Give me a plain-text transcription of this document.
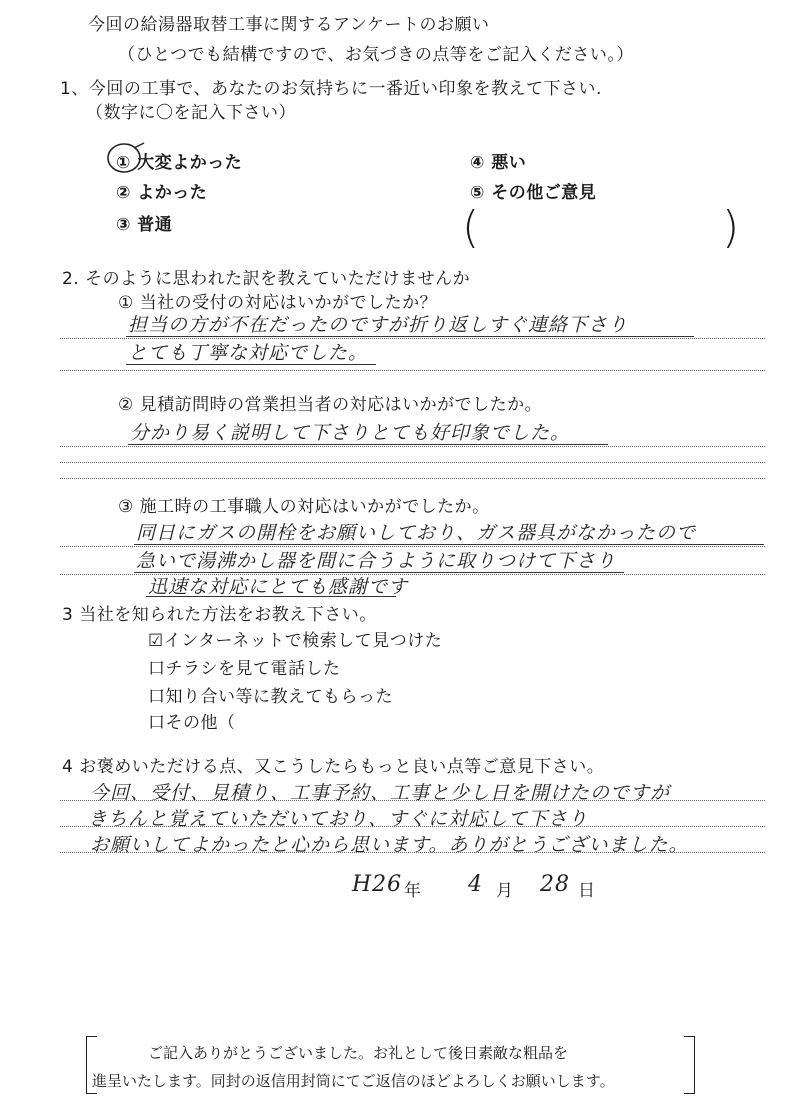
今回の給湯器取替工事に関するアンケートのお願い
（ひとつでも結構ですので、お気づきの点等をご記入ください。）
1、今回の工事で、あなたのお気持ちに一番近い印象を教えて下さい.
（数字に〇を記入下さい）
① 大変よかった
② よかった
③ 普通
④ 悪い
⑤ その他ご意見
(	)
2. そのように思われた訳を教えていただけませんか
① 当社の受付の対応はいかがでしたか？
担当の方が不在だったのですが折り返しすぐ連絡下さり
とても丁寧な対応でした。
② 見積訪問時の営業担当者の対応はいかがでしたか。
分かり易く説明して下さりとても好印象でした。
③ 施工時の工事職人の対応はいかがでしたか。
同日にガスの開栓をお願いしており、ガス器具がなかったので
急いで湯沸かし器を間に合うように取りつけて下さり
迅速な対応にとても感謝です
3 当社を知られた方法をお教え下さい。
☑インターネットで検索して見つけた
口チラシを見て電話した
口知り合い等に教えてもらった
口その他（
4 お褒めいただける点、又こうしたらもっと良い点等ご意見下さい。
今回、受付、見積り、工事予約、工事と少し日を開けたのですが
きちんと覚えていただいており、すぐに対応して下さり
お願いしてよかったと心から思います。ありがとうございました。
H26 年 4 月 28 日
ご記入ありがとうございました。お礼として後日素敵な粗品を
進呈いたします。同封の返信用封筒にてご返信のほどよろしくお願いします。
